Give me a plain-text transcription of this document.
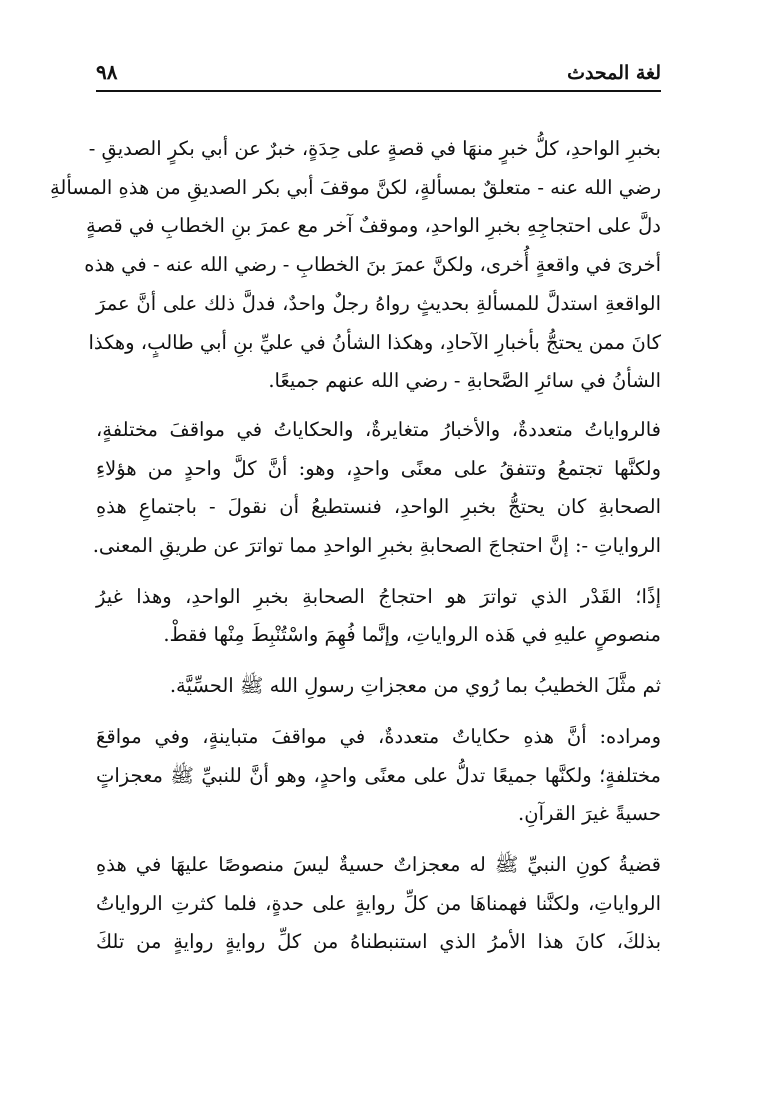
لغة المحدث
٩٨
بخبرِ الواحدِ، كلُّ خبرٍ منهَا في قصةٍ على حِدَةٍ، خبرٌ عن أبي بكرٍ الصديقِ -
رضي الله عنه - متعلقٌ بمسألةٍ، لكنَّ موقفَ أبي بكر الصديقِ من هذهِ المسألةِ
دلَّ على احتجاجِهِ بخبرِ الواحدِ، وموقفٌ آخر مع عمرَ بنِ الخطابِ في قصةٍ
أخرىَ في واقعةٍ أُخرى، ولكنَّ عمرَ بنَ الخطابِ - رضي الله عنه - في هذه
الواقعةِ استدلَّ للمسألةِ بحديثٍ رواهُ رجلٌ واحدٌ، فدلَّ ذلك على أنَّ عمرَ
كانَ ممن يحتجُّ بأخبارِ الآحادِ، وهكذا الشأنُ في عليِّ بنِ أبي طالبٍ، وهكذا
الشأنُ في سائرِ الصَّحابةِ - رضي الله عنهم جميعًا.
فالرواياتُ متعددةٌ، والأخبارُ متغايرةٌ، والحكاياتُ في مواقفَ مختلفةٍ،
ولكنَّها تجتمعُ وتتفقُ على معنًى واحدٍ، وهو: أنَّ كلَّ واحدٍ من هؤلاءِ
الصحابةِ كان يحتجُّ بخبرِ الواحدِ، فنستطيعُ أن نقولَ - باجتماعِ هذهِ
الرواياتِ -: إنَّ احتجاجَ الصحابةِ بخبرِ الواحدِ مما تواترَ عن طريقِ المعنى.
إذًا؛ القَدْر الذي تواترَ هو احتجاجُ الصحابةِ بخبرِ الواحدِ، وهذا غيرُ
منصوصٍ عليهِ في هَذه الرواياتِ، وإنَّما فُهِمَ واسْتُنْبِطَ مِنْها فقطْ.
ثم مثَّلَ الخطيبُ بما رُوي من معجزاتِ رسولِ الله ﷺ الحسِّيَّة.
ومراده: أنَّ هذهِ حكاياتٌ متعددةٌ، في مواقفَ متباينةٍ، وفي مواقعَ
مختلفةٍ؛ ولكنَّها جميعًا تدلُّ على معنًى واحدٍ، وهو أنَّ للنبيِّ ﷺ معجزاتٍ
حسيةً غيرَ القرآنِ.
قضيةُ كونِ النبيِّ ﷺ له معجزاتٌ حسيةٌ ليسَ منصوصًا عليهَا في هذهِ
الرواياتِ، ولكنَّنا فهمناهَا من كلِّ روايةٍ على حدةٍ، فلما كثرتِ الرواياتُ
بذلكَ، كانَ هذا الأمرُ الذي استنبطناهُ من كلِّ روايةٍ روايةٍ من تلكَ
